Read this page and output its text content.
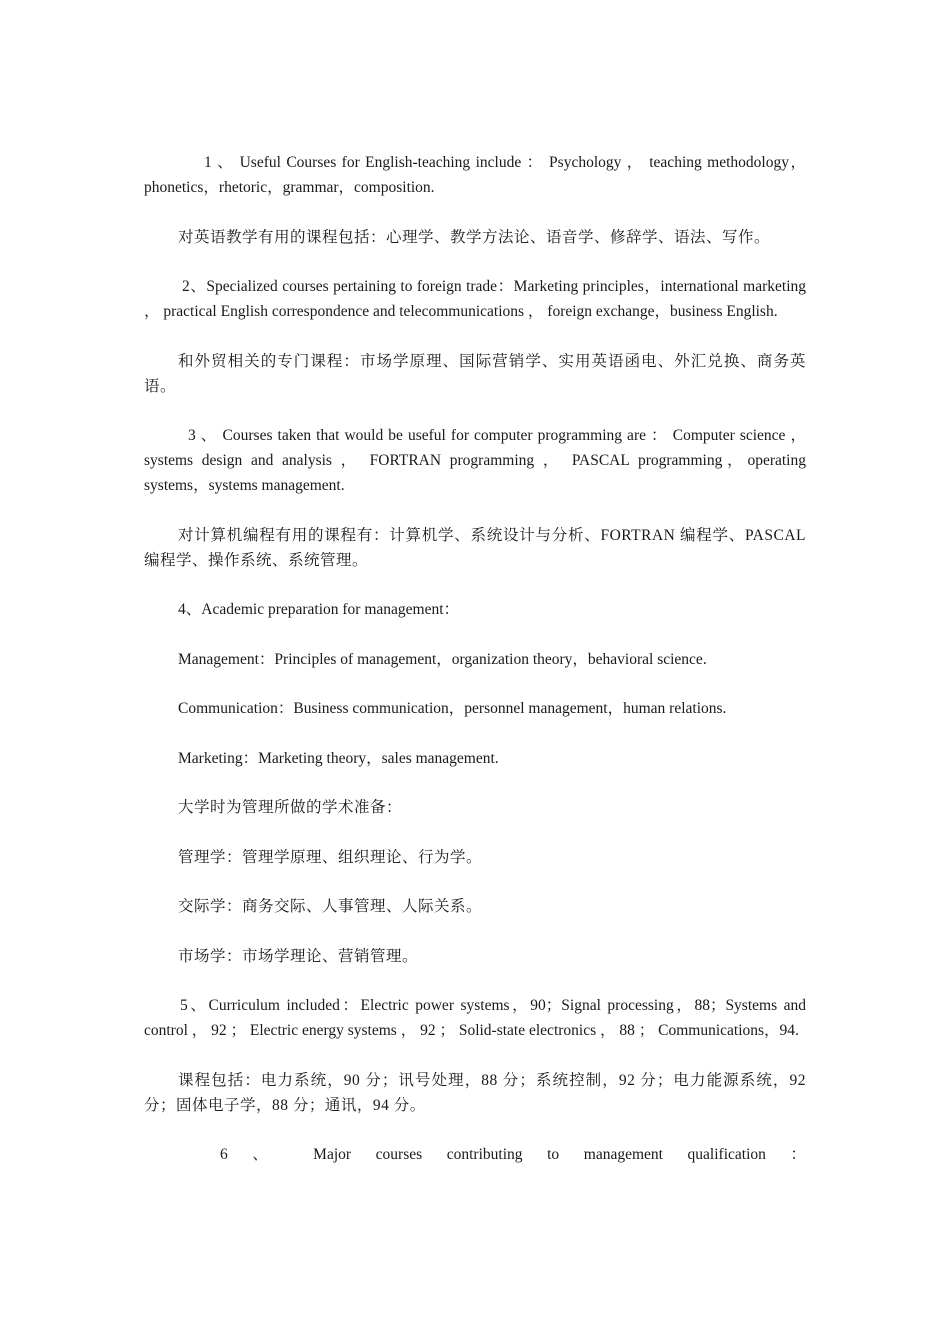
1 、 Useful Courses for English-teaching include ： Psychology ， teaching methodology，phonetics，rhetoric，grammar，composition.

对英语教学有用的课程包括：心理学、教学方法论、语音学、修辞学、语法、写作。

2、Specialized courses pertaining to foreign trade：Marketing principles，international marketing ， practical English correspondence and telecommunications ， foreign exchange，business English.

和外贸相关的专门课程：市场学原理、国际营销学、实用英语函电、外汇兑换、商务英语。

3 、 Courses taken that would be useful for computer programming are ： Computer science ， systems design and analysis ， FORTRAN programming ， PASCAL programming，operating systems，systems management.

对计算机编程有用的课程有：计算机学、系统设计与分析、FORTRAN 编程学、PASCAL 编程学、操作系统、系统管理。

4、Academic preparation for management：

Management：Principles of management，organization theory，behavioral science.

Communication：Business communication，personnel management，human relations.

Marketing：Marketing theory，sales management.

大学时为管理所做的学术准备：

管理学：管理学原理、组织理论、行为学。

交际学：商务交际、人事管理、人际关系。

市场学：市场学理论、营销管理。

5、Curriculum included：Electric power systems，90；Signal processing，88；Systems and control ， 92 ； Electric energy systems ， 92 ； Solid-state electronics ， 88 ； Communications，94.

课程包括：电力系统，90 分；讯号处理，88 分；系统控制，92 分；电力能源系统，92 分；固体电子学，88 分；通讯，94 分。

6 、 Major courses contributing to management qualification ：
